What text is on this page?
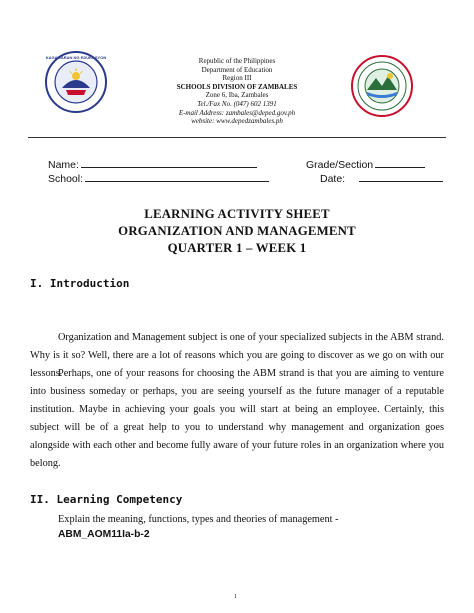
KAGAWARAN NG EDUKASYON	Republic of the Philippines
Department of Education
Region III
SCHOOLS DIVISION OF ZAMBALES
Zone 6, Iba, Zambales
Tel./Fax No. (047) 602 1391
E-mail Address: zambales@deped.gov.ph
website: www.depedzambales.ph
Name:
School:
Grade/Section
Date:
LEARNING ACTIVITY SHEET
ORGANIZATION AND MANAGEMENT
QUARTER 1 – WEEK 1
I. Introduction
Organization and Management subject is one of your specialized subjects in the ABM strand. Why is it so? Well, there are a lot of reasons which you are going to discover as we go on with our lessons.
Perhaps, one of your reasons for choosing the ABM strand is that you are aiming to venture into business someday or perhaps, you are seeing yourself as the future manager of a reputable institution. Maybe in achieving your goals you will start at being an employee. Certainly, this subject will be of a great help to you to understand why management and organization goes alongside with each other and become fully aware of your future roles in an organization where you belong.
II. Learning Competency
Explain the meaning, functions, types and theories of management -
ABM_AOM11Ia-b-2
1
